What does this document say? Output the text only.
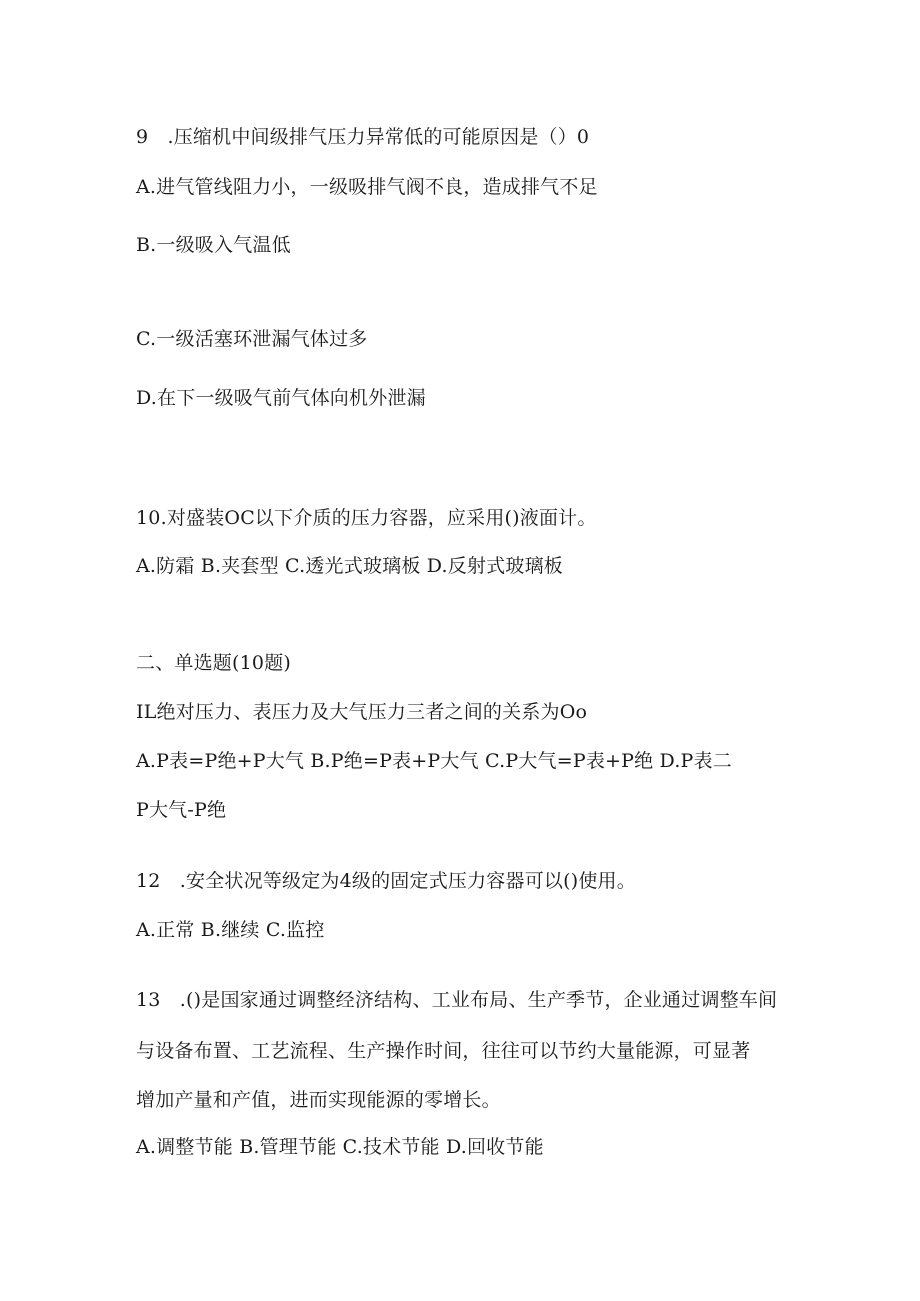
9　.压缩机中间级排气压力异常低的可能原因是（）0
A.进气管线阻力小，一级吸排气阀不良，造成排气不足
B.一级吸入气温低
C.一级活塞环泄漏气体过多
D.在下一级吸气前气体向机外泄漏
10.对盛装OC以下介质的压力容器，应采用()液面计。
A.防霜 B.夹套型 C.透光式玻璃板 D.反射式玻璃板
二、单选题(10题)
IL绝对压力、表压力及大气压力三者之间的关系为Oo
A.P表=P绝+P大气 B.P绝=P表+P大气 C.P大气=P表+P绝 D.P表二
P大气-P绝
12　.安全状况等级定为4级的固定式压力容器可以()使用。
A.正常 B.继续 C.监控
13　.()是国家通过调整经济结构、工业布局、生产季节，企业通过调整车间
与设备布置、工艺流程、生产操作时间，往往可以节约大量能源，可显著
增加产量和产值，进而实现能源的零增长。
A.调整节能 B.管理节能 C.技术节能 D.回收节能
